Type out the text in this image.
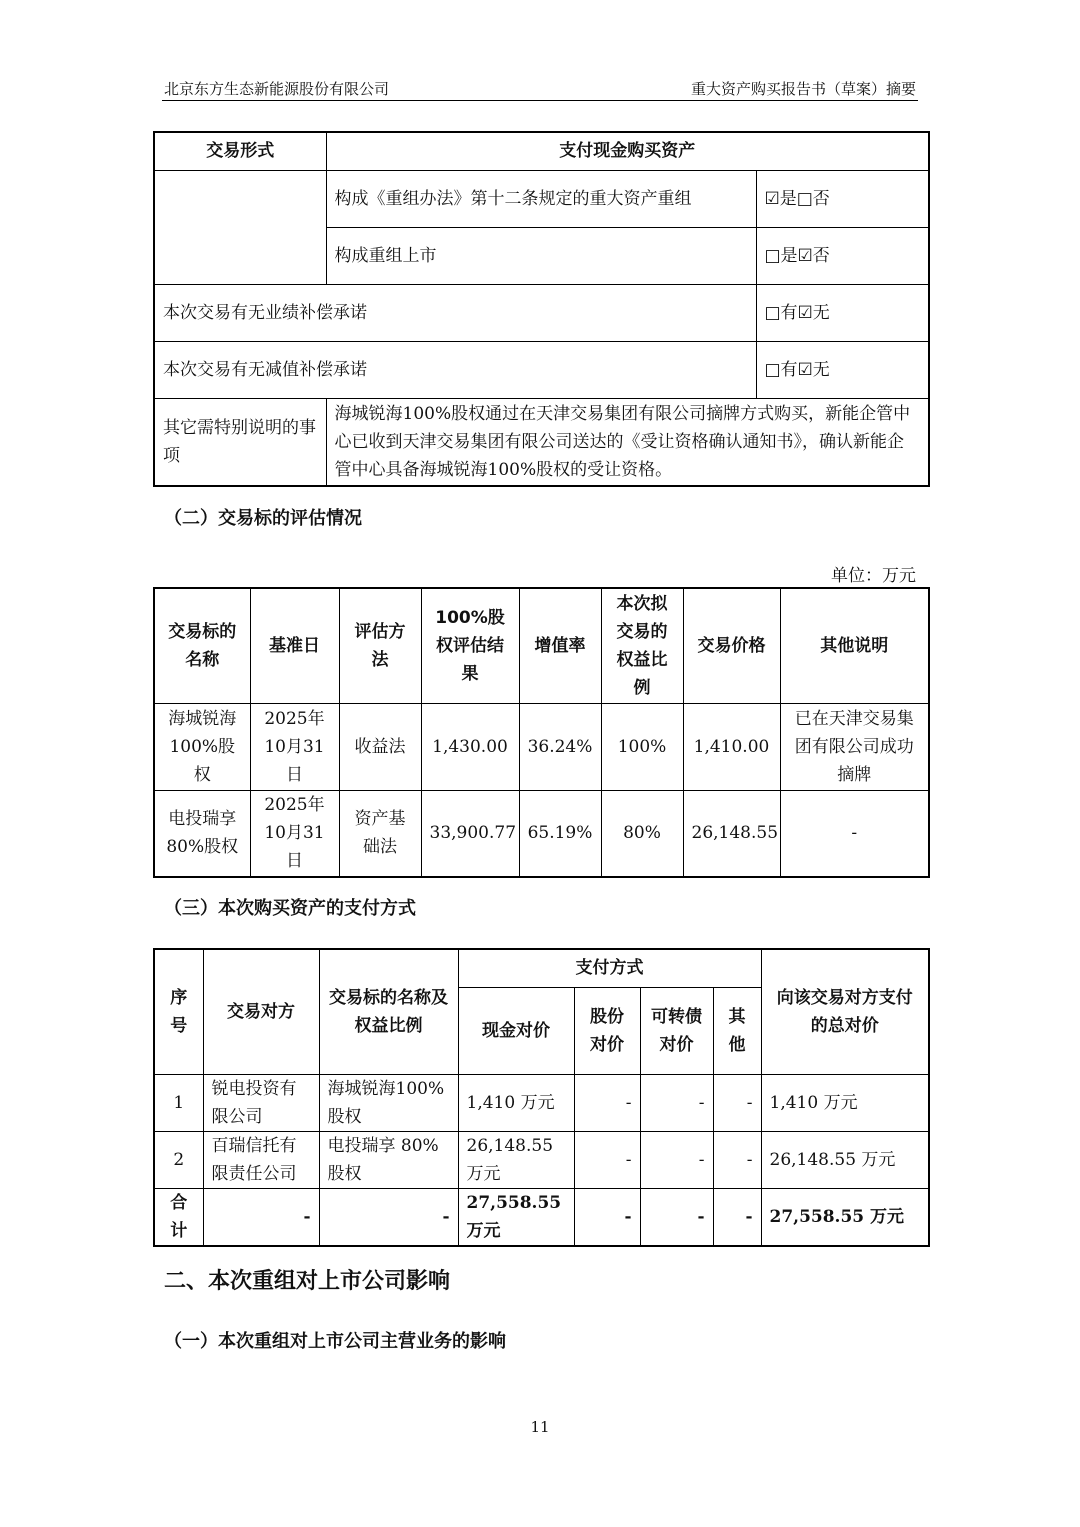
北京东方生态新能源股份有限公司	重大资产购买报告书（草案）摘要
交易形式	支付现金购买资产	
	构成《重组办法》第十二条规定的重大资产重组	☑是□否
	构成重组上市	□是☑否
本次交易有无业绩补偿承诺		□有☑无
本次交易有无减值补偿承诺		□有☑无
其它需特别说明的事项	海城锐海100%股权通过在天津交易集团有限公司摘牌方式购买，新能企管中心已收到天津交易集团有限公司送达的《受让资格确认通知书》，确认新能企管中心具备海城锐海100%股权的受让资格。	
（二）交易标的评估情况
单位：万元
交易标的名称	基准日	评估方法	100%股权评估结果	增值率	本次拟交易的权益比例	交易价格	其他说明
海城锐海100%股权	2025年10月31日	收益法	1,430.00	36.24%	100%	1,410.00	已在天津交易集团有限公司成功摘牌
电投瑞享80%股权	2025年10月31日	资产基础法	33,900.77	65.19%	80%	26,148.55	-
（三）本次购买资产的支付方式
序号	交易对方	交易标的名称及权益比例	支付方式				向该交易对方支付的总对价
			现金对价	股份对价	可转债对价	其他	
1	锐电投资有限公司	海城锐海100%股权	1,410 万元	-	-	-	1,410 万元
2	百瑞信托有限责任公司	电投瑞享 80%股权	26,148.55 万元	-	-	-	26,148.55 万元
合计	-	-	27,558.55 万元	-	-	-	27,558.55 万元
二、本次重组对上市公司影响
（一）本次重组对上市公司主营业务的影响
11
